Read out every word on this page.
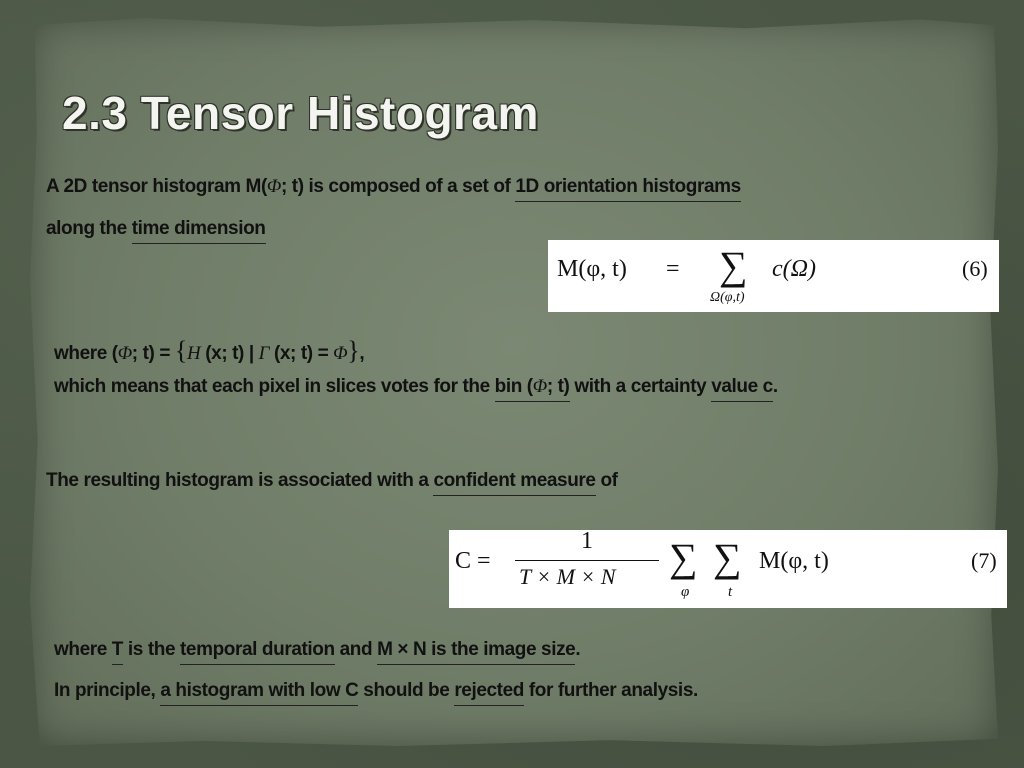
2.3 Tensor Histogram

A 2D tensor histogram M(Φ; t) is composed of a set of 1D orientation histograms

along the time dimension

M(φ, t) = ∑
Ω(φ,t)
c(Ω)	(6)

where (Φ; t) = {H (x; t) | Γ (x; t) = Φ},

which means that each pixel in slices votes for the bin (Φ; t) with a certainty value c.

The resulting histogram is associated with a confident measure of

C =
1
T × M × N ∑
φ
∑
t
M(φ, t)	(7)

where T is the temporal duration and M × N is the image size.

In principle, a histogram with low C should be rejected for further analysis.
